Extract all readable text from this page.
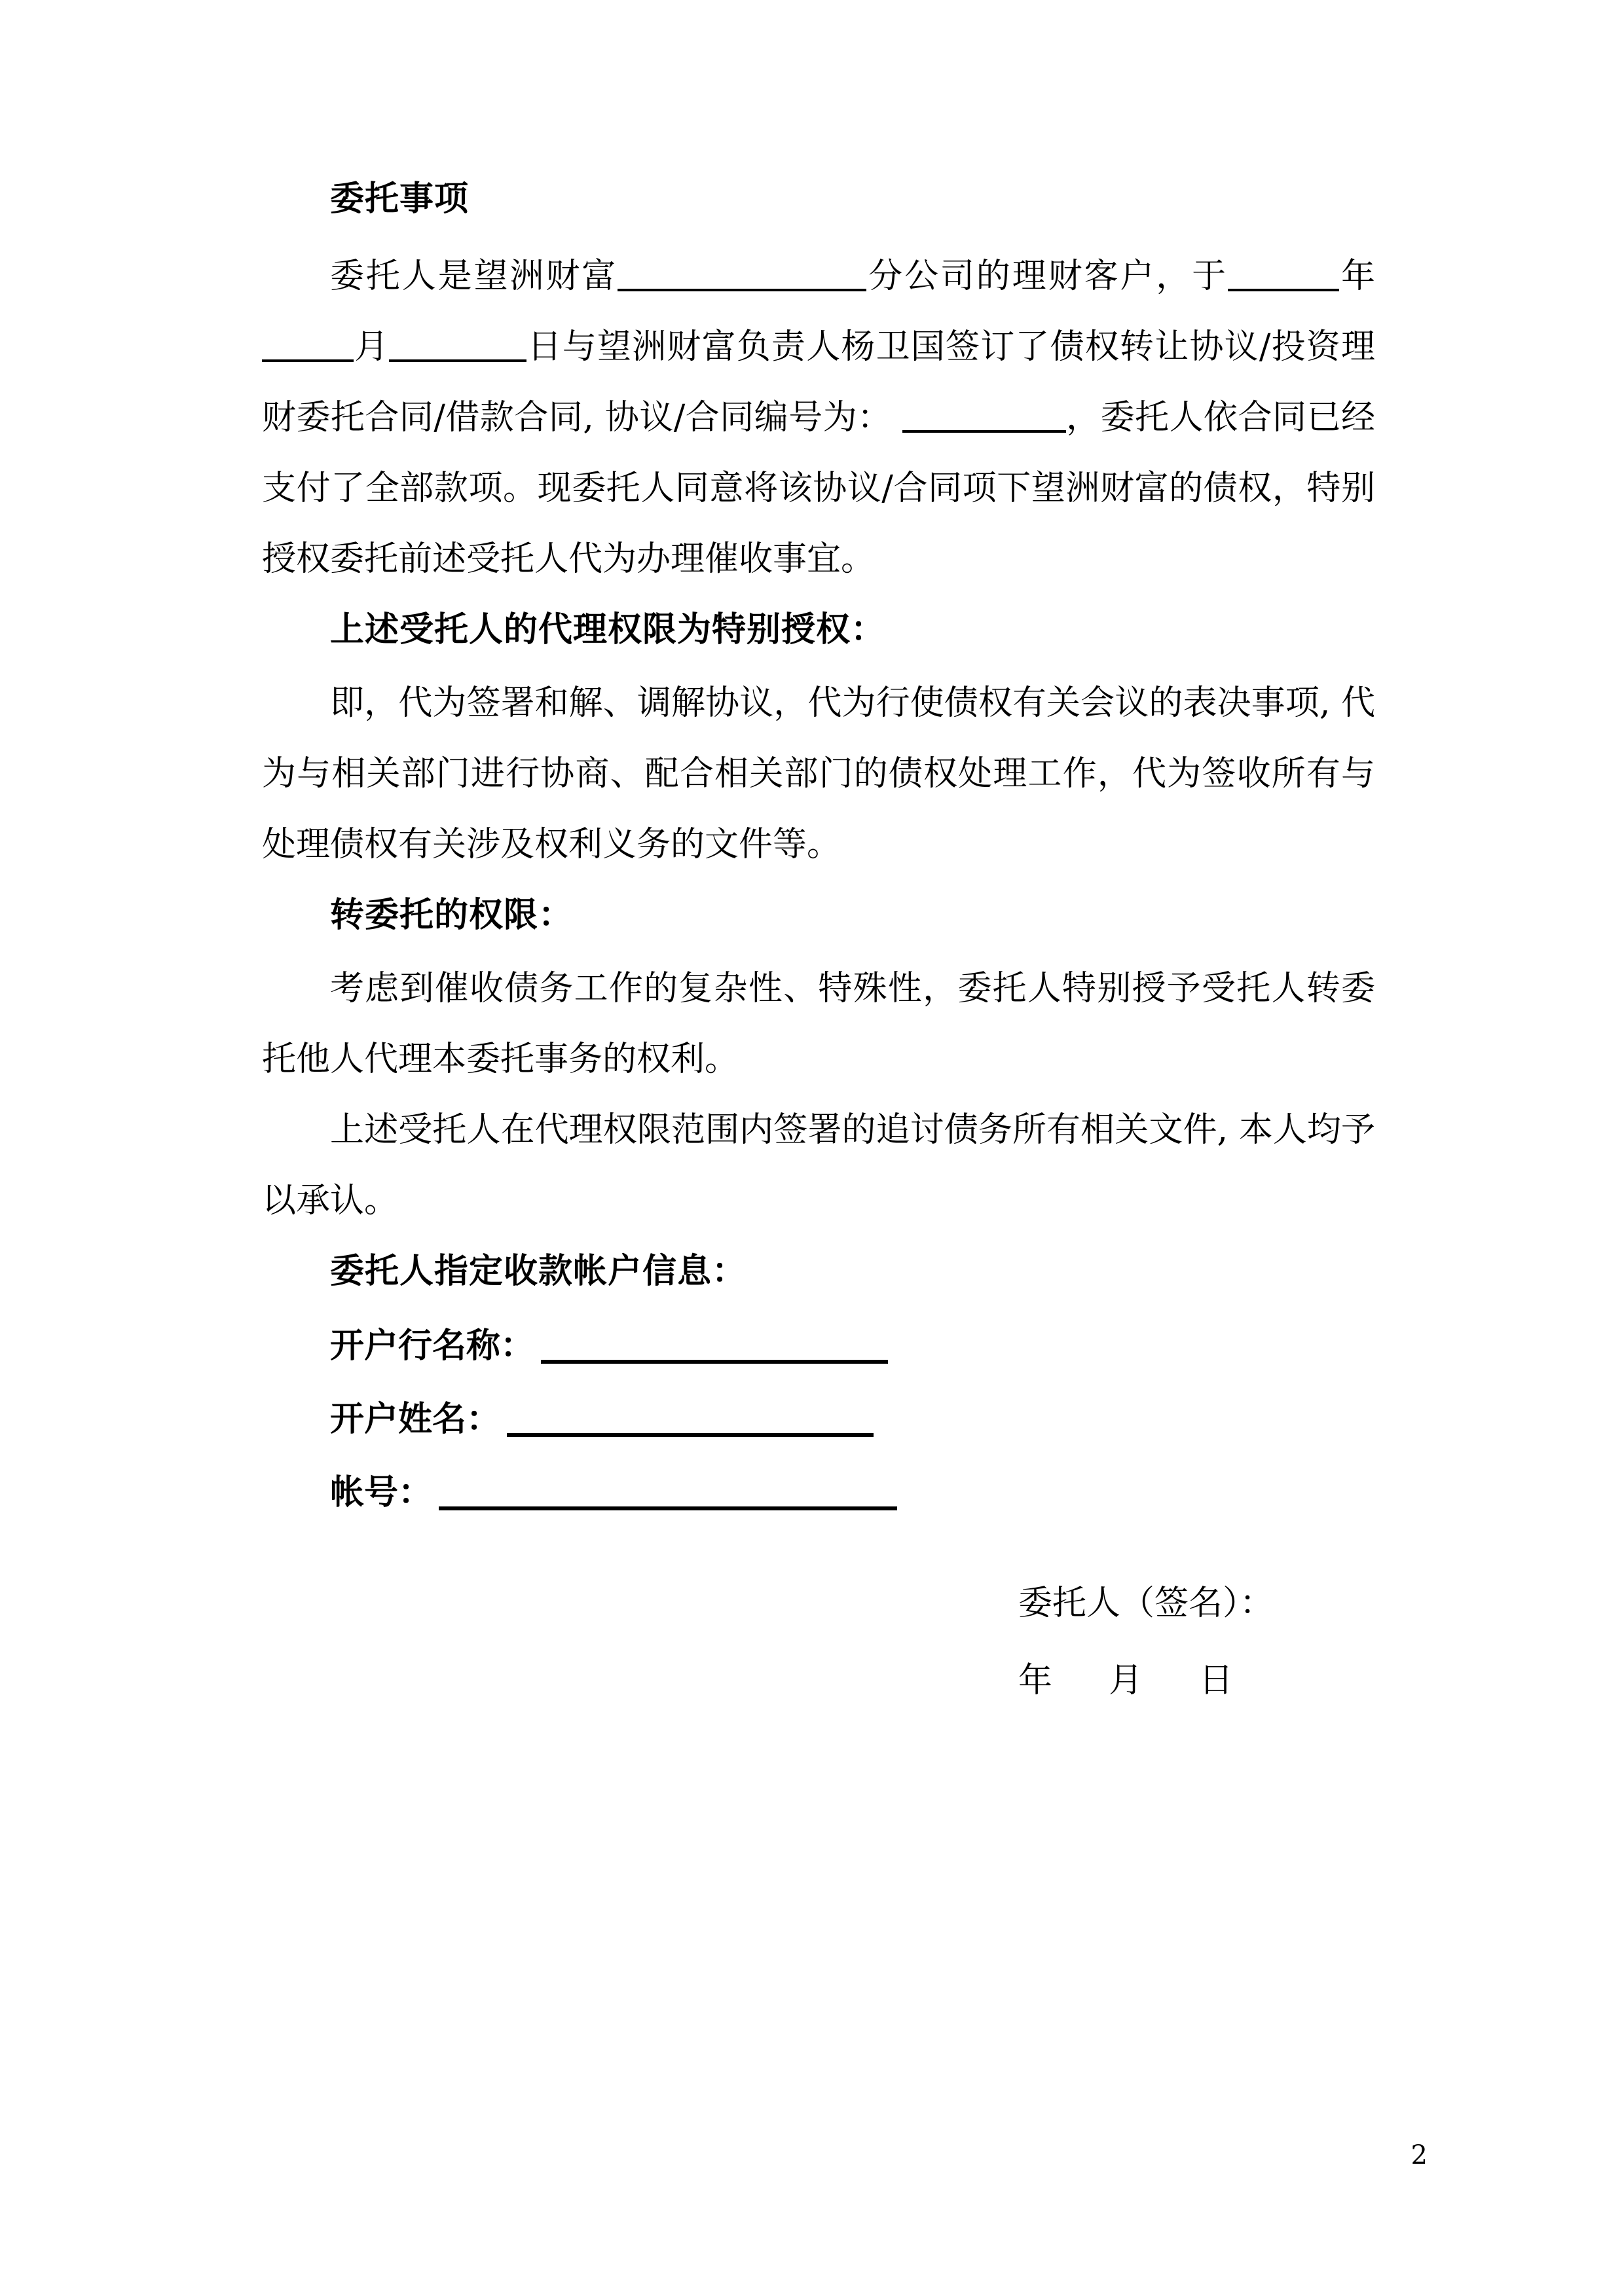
委托事项

委托人是望洲财富	分公司的理财客户，于	年月	日与望洲财富负责人杨卫国签订了债权转让协议/投资理财委托合同/借款合同, 协议/合同编号为：	，委托人依合同已经支付了全部款项。现委托人同意将该协议/合同项下望洲财富的债权，特别授权委托前述受托人代为办理催收事宜。

上述受托人的代理权限为特别授权：

即，代为签署和解、调解协议，代为行使债权有关会议的表决事项, 代为与相关部门进行协商、配合相关部门的债权处理工作，代为签收所有与处理债权有关涉及权利义务的文件等。

转委托的权限：

考虑到催收债务工作的复杂性、特殊性，委托人特别授予受托人转委托他人代理本委托事务的权利。

上述受托人在代理权限范围内签署的追讨债务所有相关文件, 本人均予以承认。

委托人指定收款帐户信息：
开户行名称：
开户姓名：
帐号：
委托人（签名）：
年 月 日
2
